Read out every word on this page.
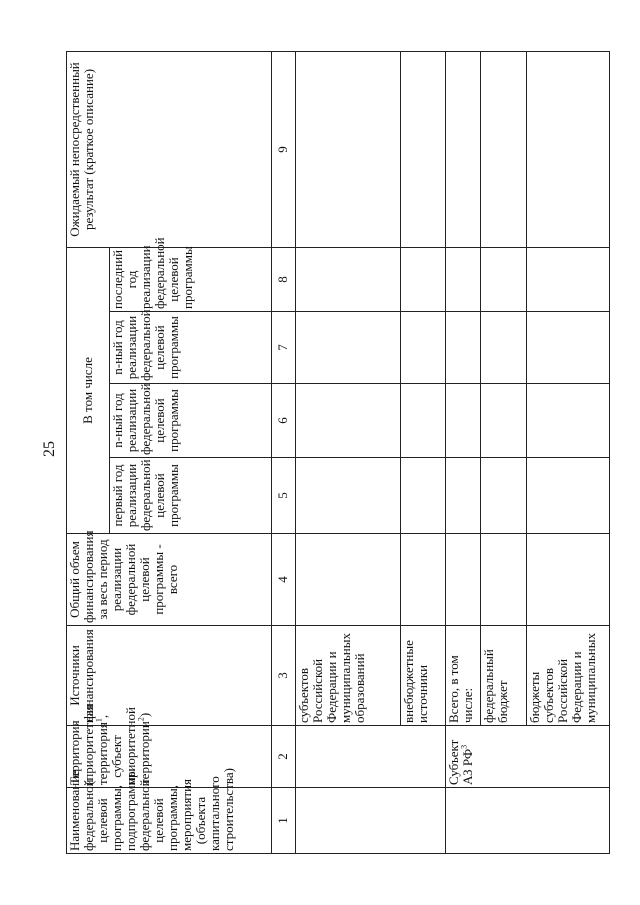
25
Наименование федеральной целевой программы, подпрограммы федеральной целевой программы, мероприятия (объекта капитального строительства)	Территория (приоритетная территория$^1$, субъект приоритетной территории$^2$)	Источники финансирования	Общий объем финансирования за весь период реализации федеральной целевой программы - всего	В том числе				Ожидаемый непосредственный результат (краткое описание)
				первый год реализации федеральной целевой программы	n-ный год реализации федеральной целевой программы	n-ный год реализации федеральной целевой программы	последний год реализации федеральной целевой программы	
1	2	3	4	5	6	7	8	9
		субъектов Российской Федерации и муниципальных образований						
		внебюджетные источники						
	Субъект АЗ $РФ^3$	Всего, в том числе:						
		федеральный бюджет						
		бюджеты субъектов Российской Федерации и муниципальных						
